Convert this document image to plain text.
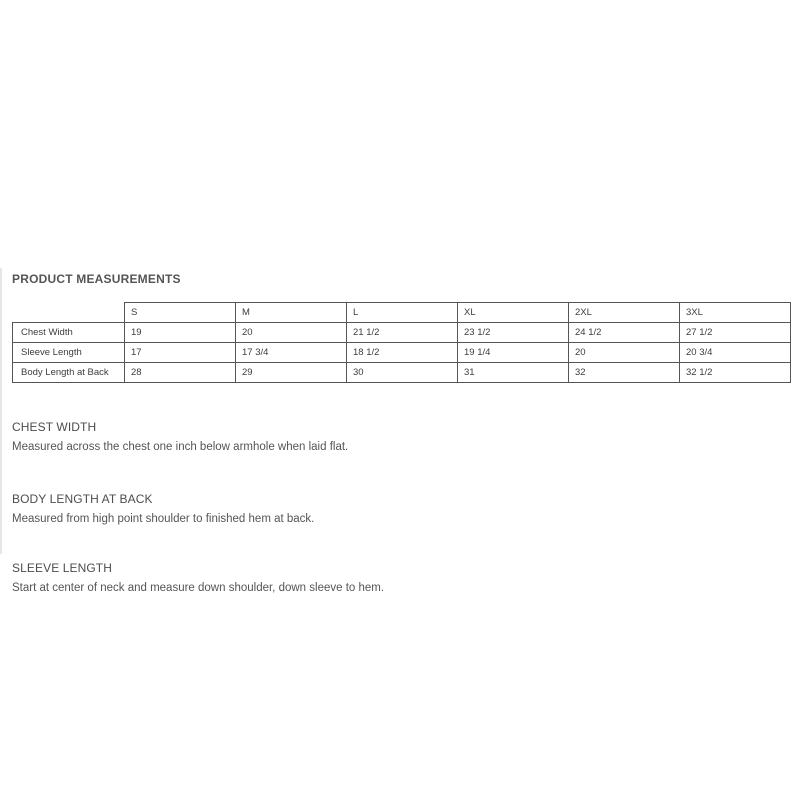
PRODUCT MEASUREMENTS
	S	M	L	XL	2XL	3XL
Chest Width	19	20	21 1/2	23 1/2	24 1/2	27 1/2
Sleeve Length	17	17 3/4	18 1/2	19 1/4	20	20 3/4
Body Length at Back	28	29	30	31	32	32 1/2
CHEST WIDTH
Measured across the chest one inch below armhole when laid flat.
BODY LENGTH AT BACK
Measured from high point shoulder to finished hem at back.
SLEEVE LENGTH
Start at center of neck and measure down shoulder, down sleeve to hem.
